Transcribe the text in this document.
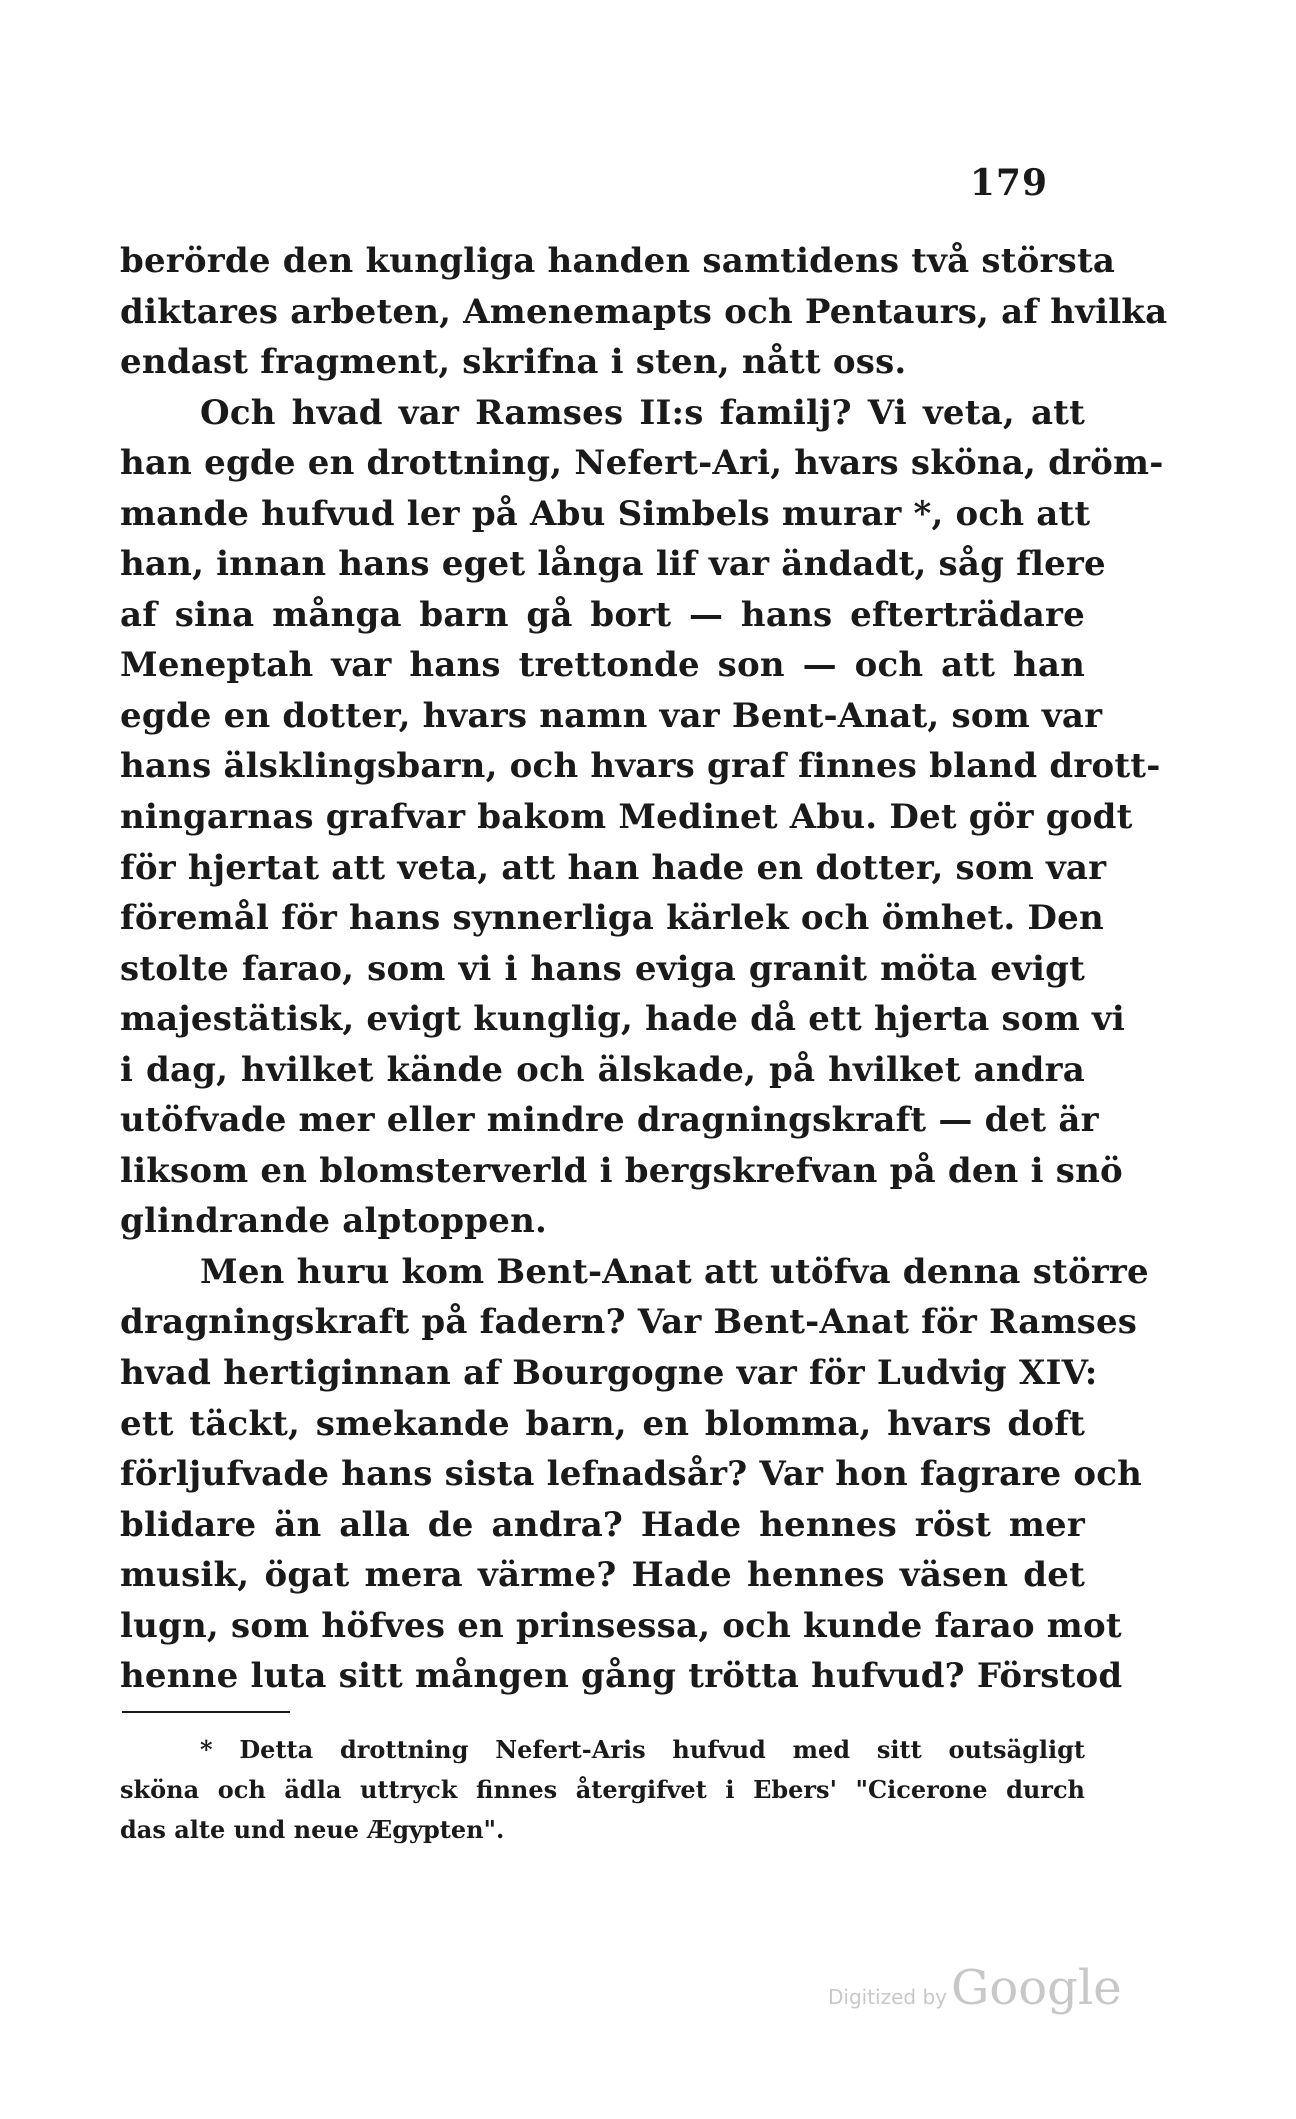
179
berörde den kungliga handen samtidens två största
diktares arbeten, Amenemapts och Pentaurs, af hvilka
endast fragment, skrifna i sten, nått oss.
Och hvad var Ramses II:s familj? Vi veta, att
han egde en drottning, Nefert-Ari, hvars sköna, dröm-
mande hufvud ler på Abu Simbels murar *, och att
han, innan hans eget långa lif var ändadt, såg flere
af sina många barn gå bort — hans efterträdare
Meneptah var hans trettonde son — och att han
egde en dotter, hvars namn var Bent-Anat, som var
hans älsklingsbarn, och hvars graf finnes bland drott-
ningarnas grafvar bakom Medinet Abu. Det gör godt
för hjertat att veta, att han hade en dotter, som var
föremål för hans synnerliga kärlek och ömhet. Den
stolte farao, som vi i hans eviga granit möta evigt
majestätisk, evigt kunglig, hade då ett hjerta som vi
i dag, hvilket kände och älskade, på hvilket andra
utöfvade mer eller mindre dragningskraft — det är
liksom en blomsterverld i bergskrefvan på den i snö
glindrande alptoppen.
Men huru kom Bent-Anat att utöfva denna större
dragningskraft på fadern? Var Bent-Anat för Ramses
hvad hertiginnan af Bourgogne var för Ludvig XIV:
ett täckt, smekande barn, en blomma, hvars doft
förljufvade hans sista lefnadsår? Var hon fagrare och
blidare än alla de andra? Hade hennes röst mer
musik, ögat mera värme? Hade hennes väsen det
lugn, som höfves en prinsessa, och kunde farao mot
henne luta sitt mången gång trötta hufvud? Förstod
* Detta drottning Nefert-Aris hufvud med sitt outsägligt
sköna och ädla uttryck finnes återgifvet i Ebers' "Cicerone durch
das alte und neue Ægypten".
Digitized by Google
